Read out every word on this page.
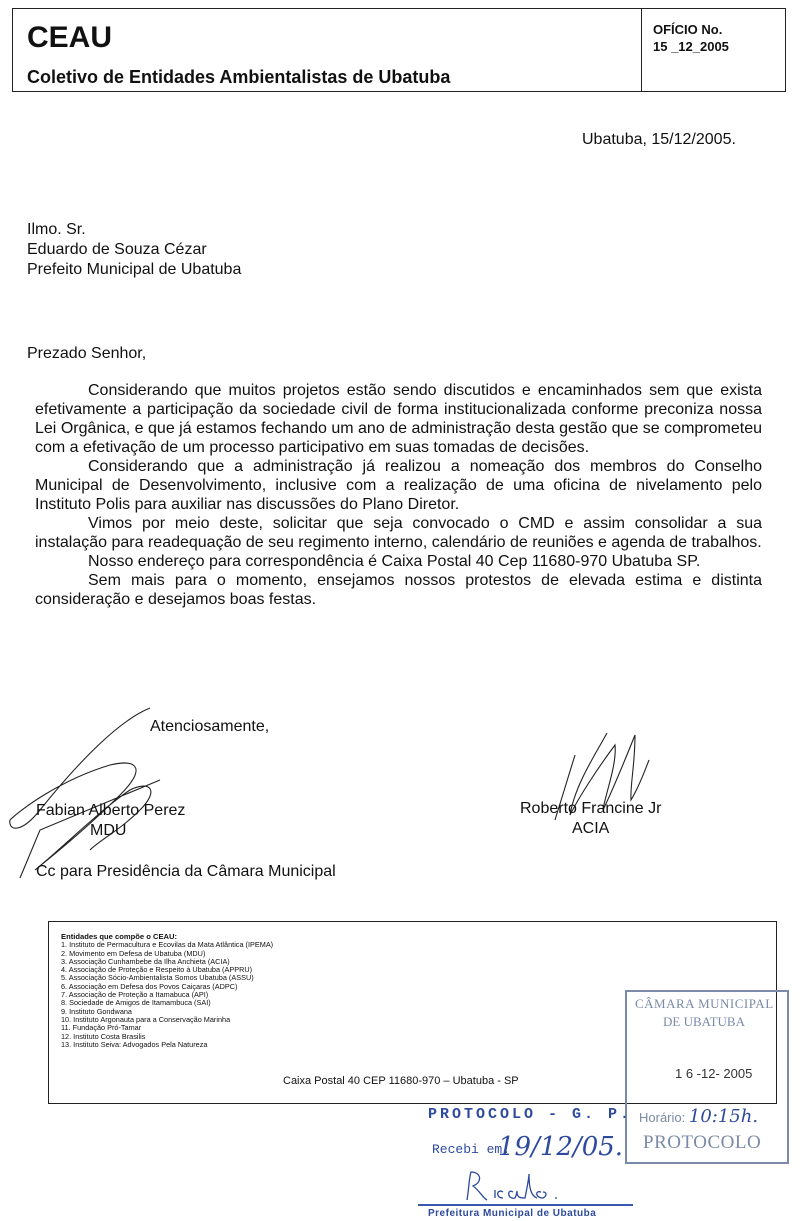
CEAU
Coletivo de Entidades Ambientalistas de Ubatuba
OFÍCIO No.
15 _12_2005
Ubatuba, 15/12/2005.
Ilmo. Sr.
Eduardo de Souza Cézar
Prefeito Municipal de Ubatuba
Prezado Senhor,

Considerando que muitos projetos estão sendo discutidos e encaminhados sem que exista efetivamente a participação da sociedade civil de forma institucionalizada conforme preconiza nossa Lei Orgânica, e que já estamos fechando um ano de administração desta gestão que se comprometeu com a efetivação de um processo participativo em suas tomadas de decisões.

Considerando que a administração já realizou a nomeação dos membros do Conselho Municipal de Desenvolvimento, inclusive com a realização de uma oficina de nivelamento pelo Instituto Polis para auxiliar nas discussões do Plano Diretor.

Vimos por meio deste, solicitar que seja convocado o CMD e assim consolidar a sua instalação para readequação de seu regimento interno, calendário de reuniões e agenda de trabalhos.

Nosso endereço para correspondência é Caixa Postal 40 Cep 11680-970 Ubatuba SP.

Sem mais para o momento, ensejamos nossos protestos de elevada estima e distinta consideração e desejamos boas festas.

Atenciosamente,
Fabian Alberto Perez
MDU
Roberto Francine Jr
ACIA
Cc para Presidência da Câmara Municipal
Entidades que compõe o CEAU:
1. Instituto de Permacultura e Ecovilas da Mata Atlântica (IPEMA)
2. Movimento em Defesa de Ubatuba (MDU)
3. Associação Cunhambebe da Ilha Anchieta (ACIA)
4. Associação de Proteção e Respeito à Ubatuba (APPRU)
5. Associação Sócio-Ambientalista Somos Ubatuba (ASSU)
6. Associação em Defesa dos Povos Caiçaras (ADPC)
7. Associação de Proteção a Itamabuca (API)
8. Sociedade de Amigos de Itamambuca (SAI)
9. Instituto Gondwana
10. Instituto Argonauta para a Conservação Marinha
11. Fundação Pró-Tamar
12. Instituto Costa Brasilis
13. Instituto Seiva: Advogados Pela Natureza
Caixa Postal 40 CEP 11680-970 – Ubatuba - SP
CÂMARA MUNICIPAL
DE UBATUBA
1 6 -12- 2005
Horário: 10:15h.
PROTOCOLO
PROTOCOLO - G. P.
Recebi em:
19/12/05.
Prefeitura Municipal de Ubatuba
